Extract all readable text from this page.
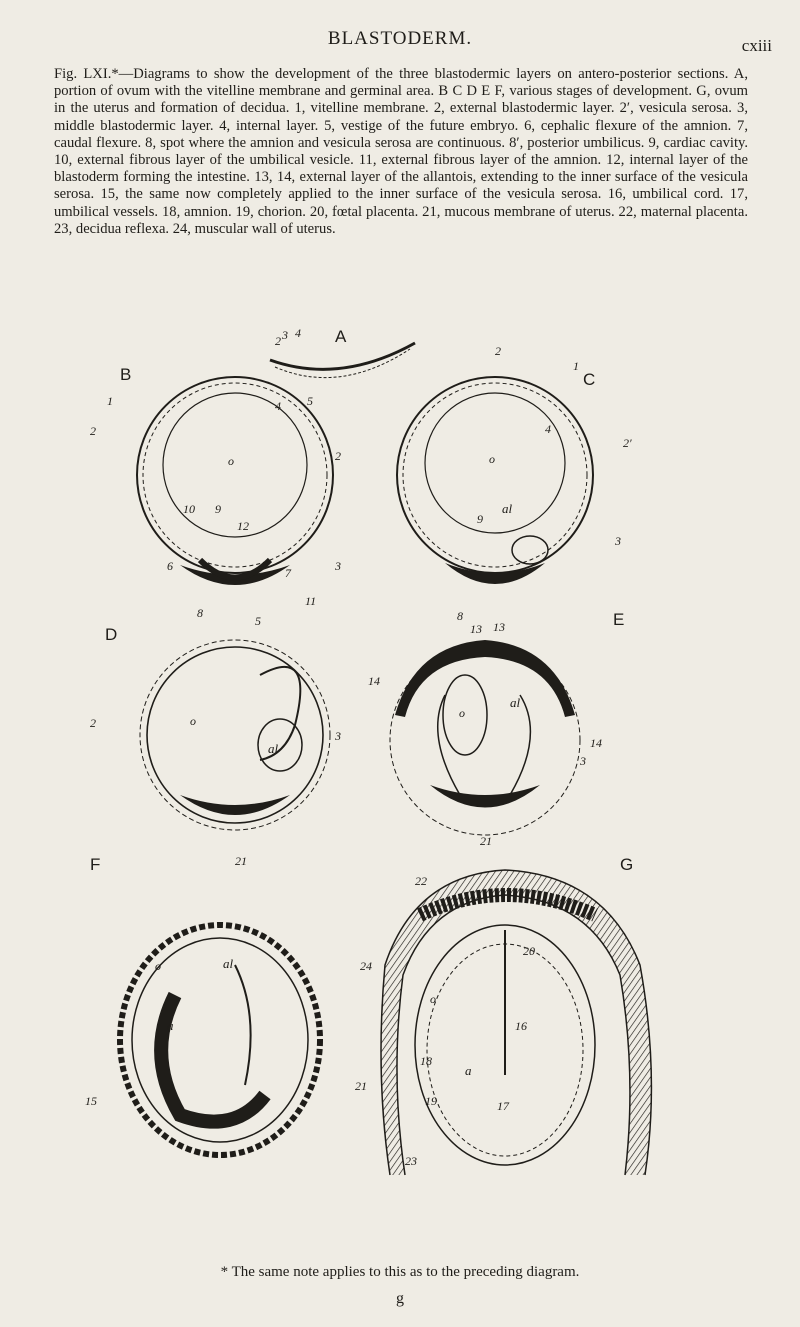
BLASTODERM.	cxiii

Fig. LXI.*—Diagrams to show the development of the three blastodermic layers on antero-posterior sections. A, portion of ovum with the vitelline membrane and germinal area. B C D E F, various stages of development. G, ovum in the uterus and formation of decidua. 1, vitelline membrane. 2, external blastodermic layer. 2′, vesicula serosa. 3, middle blastodermic layer. 4, internal layer. 5, vestige of the future embryo. 6, cephalic flexure of the amnion. 7, caudal flexure. 8, spot where the amnion and vesicula serosa are continuous. 8′, posterior umbilicus. 9, cardiac cavity. 10, external fibrous layer of the umbilical vesicle. 11, external fibrous layer of the amnion. 12, internal layer of the blastoderm forming the intestine. 13, 14, external layer of the allantois, extending to the inner surface of the vesicula serosa. 15, the same now completely applied to the inner surface of the vesicula serosa. 16, umbilical cord. 17, umbilical vessels. 18, amnion. 19, chorion. 20, fœtal placenta. 21, mucous membrane of uterus. 22, maternal placenta. 23, decidua reflexa. 24, muscular wall of uterus.

A
2 3 4
5
B
o
1
2
2
3
4
10 9
12
6	7
8
5
11
C
o
al
9
2
1
2′
4
3
8
13
D
o
al
2
3
21
E
o
al
14
14
13
21
3
F
o	al
a
15
G
22
24
21
23
o
20
16
18
a
19	17
* The same note applies to this as to the preceding diagram.
g
